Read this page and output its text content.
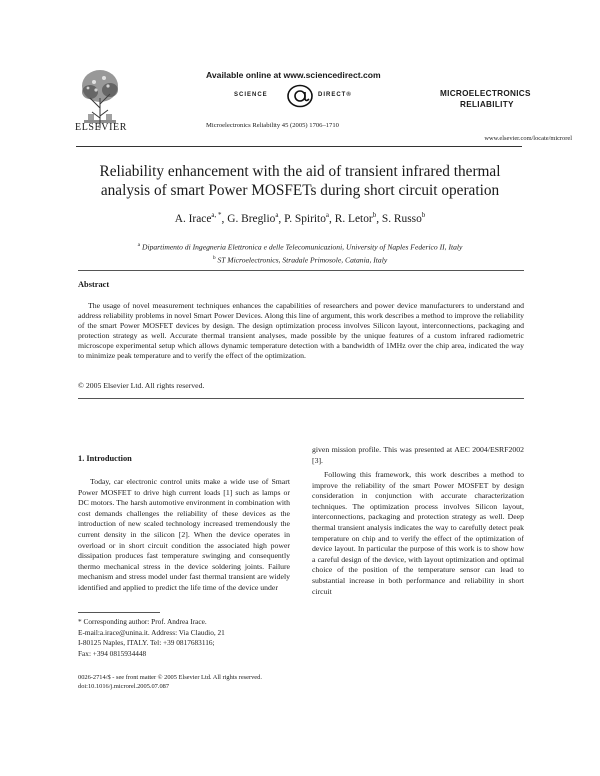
ELSEVIER
Available online at www.sciencedirect.com
SCIENCE	DIRECT®
Microelectronics Reliability 45 (2005) 1706–1710
MICROELECTRONICS
RELIABILITY
www.elsevier.com/locate/microrel
Reliability enhancement with the aid of transient infrared thermal
analysis of smart Power MOSFETs during short circuit operation
A. Irace$^{a, *}$, G. Breglio$^a$, P. Spirito$^a$, R. Letor$^b$, S. Russo$^b$
$^a$ Dipartimento di Ingegneria Elettronica e delle Telecomunicazioni, University of Naples Federico II, Italy
$^b$ ST Microelectronics, Stradale Primosole, Catania, Italy
Abstract
The usage of novel measurement techniques enhances the capabilities of researchers and power device manufacturers to understand and address reliability problems in novel Smart Power Devices. Along this line of argument, this work describes a method to improve the reliability of the smart Power MOSFET devices by design. The design optimization process involves Silicon layout, interconnections, packaging and protection strategy as well. Accurate thermal transient analyses, made possible by the unique features of a custom infrared radiometric microscope experimental setup which allows dynamic temperature detection with a bandwidth of 1MHz over the chip area, indicated the way to minimize peak temperature and to verify the effect of the optimization.
© 2005 Elsevier Ltd. All rights reserved.
1. Introduction
Today, car electronic control units make a wide use of Smart Power MOSFET to drive high current loads [1] such as lamps or DC motors. The harsh automotive environment in combination with cost demands challenges the reliability of these devices as the introduction of new scaled technology increased tremendously the current density in the silicon [2]. When the device operates in overload or in short circuit condition the associated high power dissipation produces fast temperature swinging and consequently thermo mechanical stress in the device soldering joints. Failure mechanism and stress model under fast thermal transient are widely identified and applied to predict the life time of the device under
given mission profile. This was presented at AEC 2004/ESRF2002 [3].
Following this framework, this work describes a method to improve the reliability of the smart Power MOSFET by design consideration in conjunction with accurate characterization techniques. The optimization process involves Silicon layout, interconnections, packaging and protection strategy as well. Deep thermal transient analysis indicates the way to carefully detect peak temperature on chip and to verify the effect of the optimization of device layout. In particular the purpose of this work is to show how a careful design of the device, with layout optimization and optimal choice of the position of the temperature sensor can lead to substantial increase in both performance and reliability in short circuit
* Corresponding author: Prof. Andrea Irace.
E-mail:a.irace@unina.it. Address: Via Claudio, 21
I-80125 Naples, ITALY. Tel: +39 0817683116;
Fax: +394 0815934448
0026-2714/$ - see front matter © 2005 Elsevier Ltd. All rights reserved.
doi:10.1016/j.microrel.2005.07.087
